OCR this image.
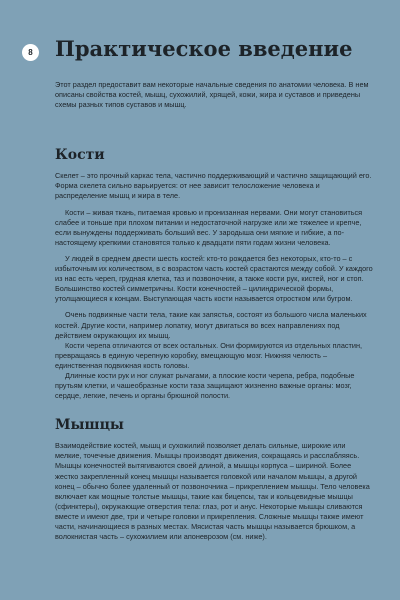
8 Практическое введение

Этот раздел предоставит вам некоторые начальные сведения по анатомии человека. В нем описаны свойства костей, мышц, сухожилий, хрящей, кожи, жира и суставов и приведены схемы разных типов суставов и мышц.

Кости

Скелет – это прочный каркас тела, частично поддерживающий и частично защищающий его. Форма скелета сильно варьируется: от нее зависит телосложение человека и распределение мышц и жира в теле.

Кости – живая ткань, питаемая кровью и пронизанная нервами. Они могут становиться слабее и тоньше при плохом питании и недостаточной нагрузке или же тяжелее и крепче, если вынуждены поддерживать больший вес. У зародыша они мягкие и гибкие, а по-настоящему крепкими становятся только к двадцати пяти годам жизни человека.

У людей в среднем двести шесть костей: кто-то рождается без некоторых, кто-то – с избыточным их количеством, в с возрастом часть костей срастаются между собой. У каждого из нас есть череп, грудная клетка, таз и позвоночник, а также кости рук, кистей, ног и стоп. Большинство костей симметричны. Кости конечностей – цилиндрической формы, утолщающиеся к концам. Выступающая часть кости называется отростком или бугром.

Очень подвижные части тела, такие как запястья, состоят из большого числа маленьких костей. Другие кости, например лопатку, могут двигаться во всех направлениях под действием окружающих их мышц.

Кости черепа отличаются от всех остальных. Они формируются из отдельных пластин, превращаясь в единую черепную коробку, вмещающую мозг. Нижняя челюсть – единственная подвижная кость головы.

Длинные кости рук и ног служат рычагами, а плоские кости черепа, ребра, подобные прутьям клетки, и чашеобразные кости таза защищают жизненно важные органы: мозг, сердце, легкие, печень и органы брюшной полости.

Мышцы

Взаимодействие костей, мышц и сухожилий позволяет делать сильные, широкие или мелкие, точечные движения. Мышцы производят движения, сокращаясь и расслабляясь. Мышцы конечностей вытягиваются своей длиной, а мышцы корпуса – шириной. Более жестко закрепленный конец мышцы называется головкой или началом мышцы, а другой конец – обычно более удаленный от позвоночника – прикреплением мышцы. Тело человека включает как мощные толстые мышцы, такие как бицепсы, так и кольцевидные мышцы (сфинктеры), окружающие отверстия тела: глаз, рот и анус. Некоторые мышцы сливаются вместе и имеют две, три и четыре головки и прикрепления. Сложные мышцы также имеют части, начинающиеся в разных местах. Мясистая часть мышцы называется брюшком, а волокнистая часть – сухожилием или апоневрозом (см. ниже).
